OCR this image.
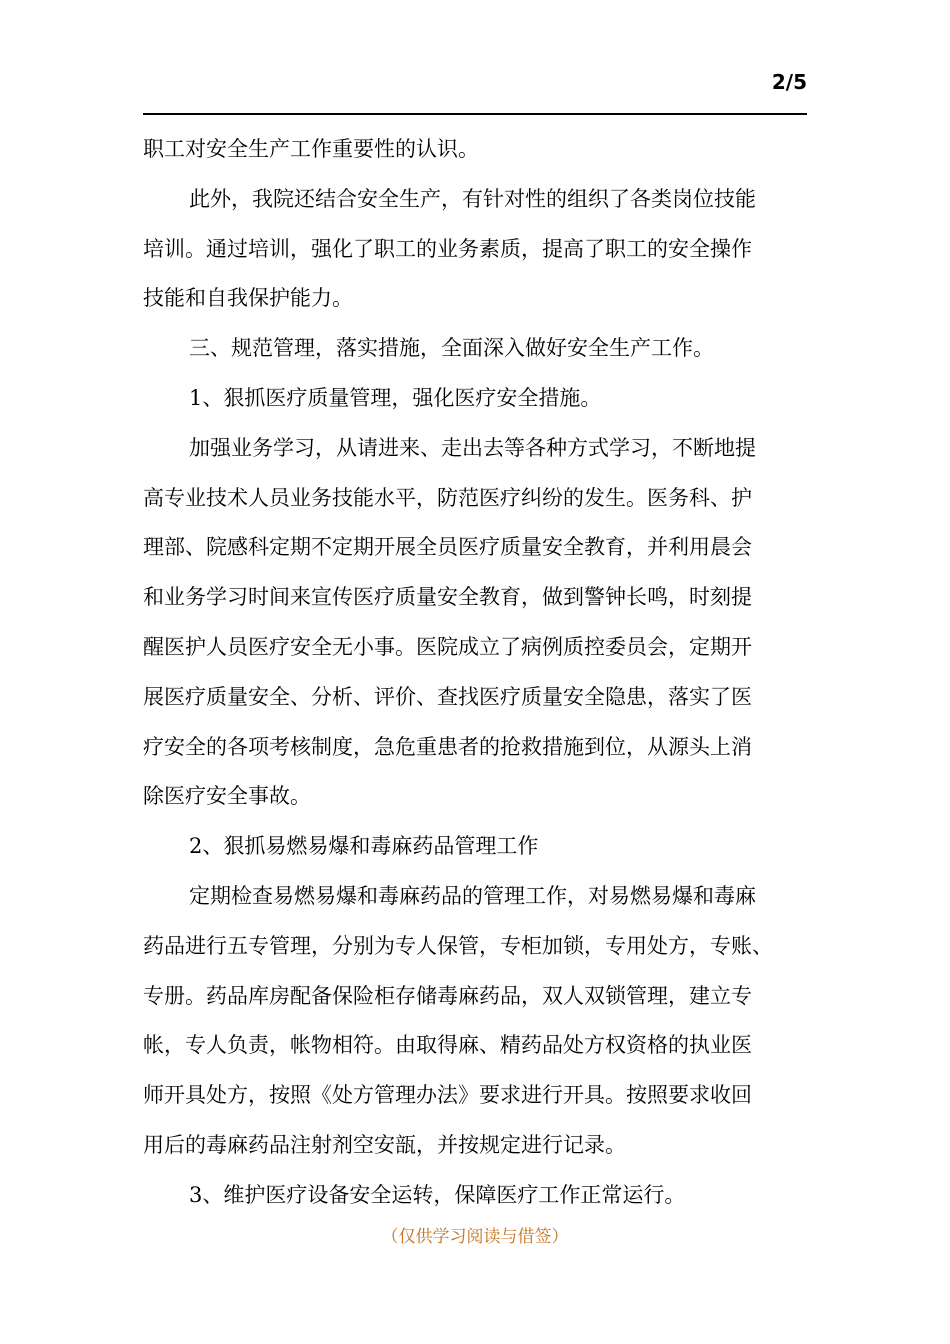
2/5

职工对安全生产工作重要性的认识。

此外，我院还结合安全生产，有针对性的组织了各类岗位技能
培训。通过培训，强化了职工的业务素质，提高了职工的安全操作
技能和自我保护能力。

三、规范管理，落实措施，全面深入做好安全生产工作。

1、狠抓医疗质量管理，强化医疗安全措施。

加强业务学习，从请进来、走出去等各种方式学习，不断地提
高专业技术人员业务技能水平，防范医疗纠纷的发生。医务科、护
理部、院感科定期不定期开展全员医疗质量安全教育，并利用晨会
和业务学习时间来宣传医疗质量安全教育，做到警钟长鸣，时刻提
醒医护人员医疗安全无小事。医院成立了病例质控委员会，定期开
展医疗质量安全、分析、评价、查找医疗质量安全隐患，落实了医
疗安全的各项考核制度，急危重患者的抢救措施到位，从源头上消
除医疗安全事故。

2、狠抓易燃易爆和毒麻药品管理工作

定期检查易燃易爆和毒麻药品的管理工作，对易燃易爆和毒麻
药品进行五专管理，分别为专人保管，专柜加锁，专用处方，专账、
专册。药品库房配备保险柜存储毒麻药品，双人双锁管理，建立专
帐，专人负责，帐物相符。由取得麻、精药品处方权资格的执业医
师开具处方，按照《处方管理办法》要求进行开具。按照要求收回
用后的毒麻药品注射剂空安瓿，并按规定进行记录。

3、维护医疗设备安全运转，保障医疗工作正常运行。

（仅供学习阅读与借签）
